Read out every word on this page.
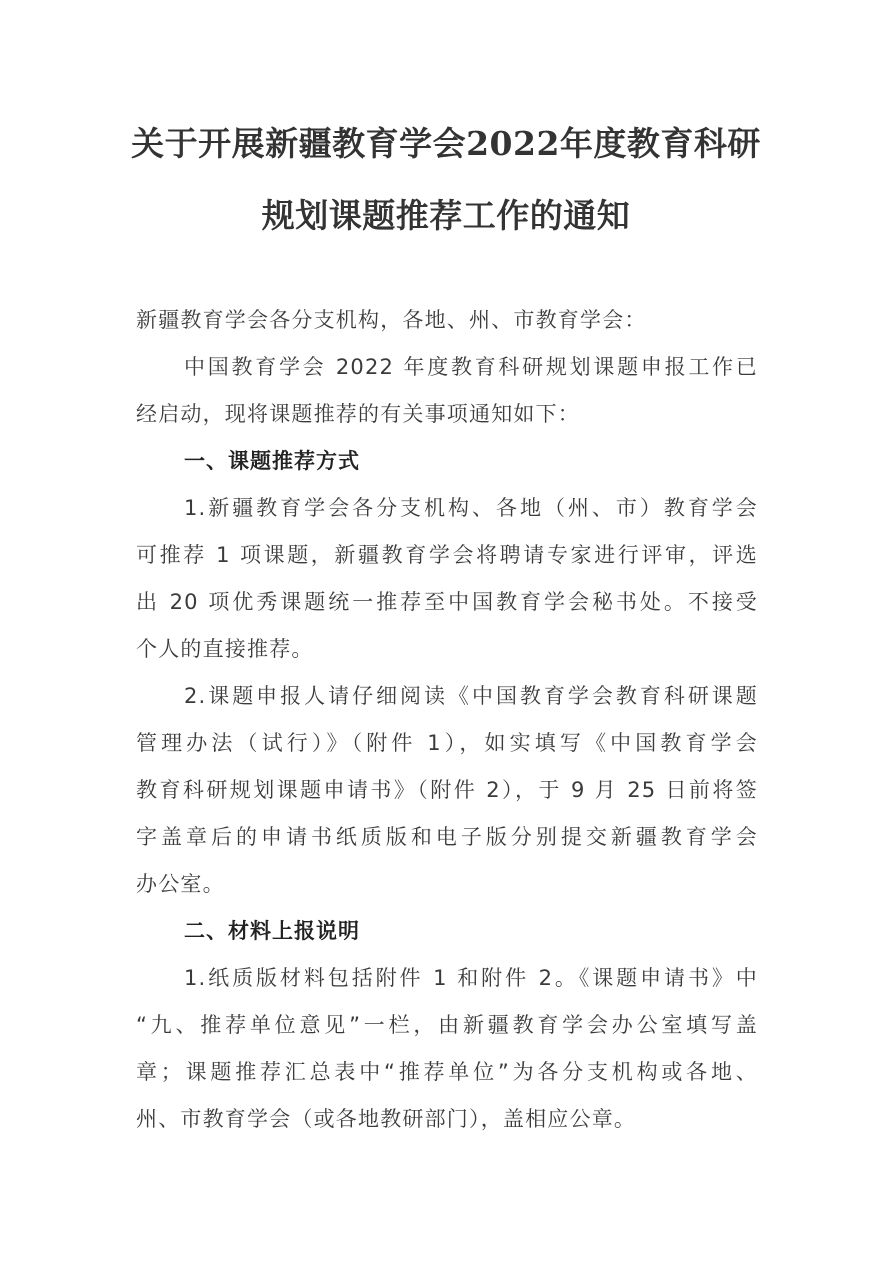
关于开展新疆教育学会2022年度教育科研
规划课题推荐工作的通知
新疆教育学会各分支机构，各地、州、市教育学会：
中国教育学会 2022 年度教育科研规划课题申报工作已
经启动，现将课题推荐的有关事项通知如下：
一、课题推荐方式
1.新疆教育学会各分支机构、各地（州、市）教育学会
可推荐 1 项课题，新疆教育学会将聘请专家进行评审，评选
出 20 项优秀课题统一推荐至中国教育学会秘书处。不接受
个人的直接推荐。
2.课题申报人请仔细阅读《中国教育学会教育科研课题
管理办法（试行）》（附件 1），如实填写《中国教育学会
教育科研规划课题申请书》（附件 2），于 9 月 25 日前将签
字盖章后的申请书纸质版和电子版分别提交新疆教育学会
办公室。
二、材料上报说明
1.纸质版材料包括附件 1 和附件 2。《课题申请书》中
“九、推荐单位意见”一栏，由新疆教育学会办公室填写盖
章；课题推荐汇总表中“推荐单位”为各分支机构或各地、
州、市教育学会（或各地教研部门），盖相应公章。
